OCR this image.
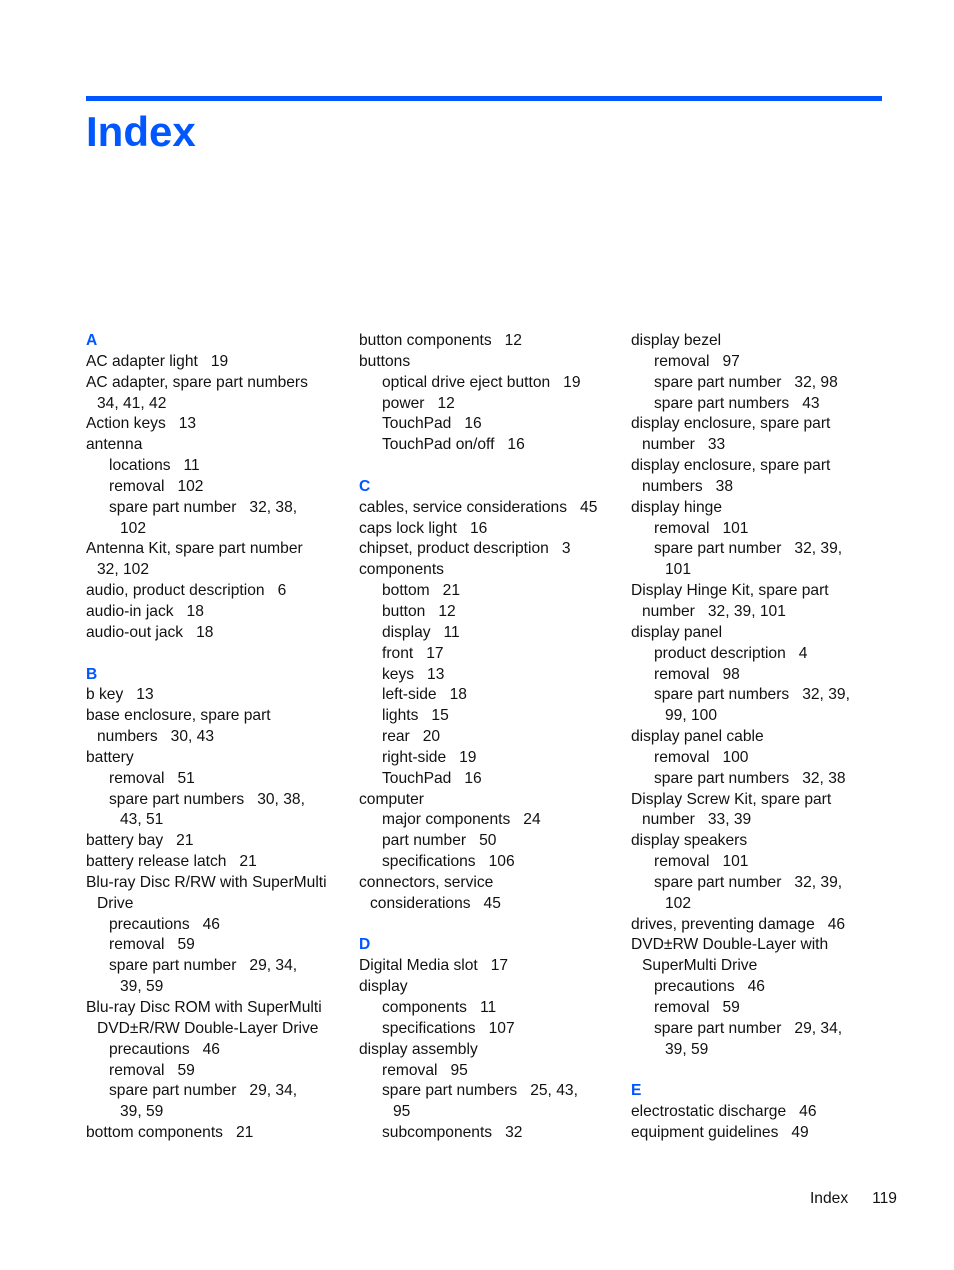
Index
A
AC adapter light   19
AC adapter, spare part numbers
34, 41, 42
Action keys   13
antenna
locations   11
removal   102
spare part number   32, 38,
102
Antenna Kit, spare part number
32, 102
audio, product description   6
audio-in jack   18
audio-out jack   18
B
b key   13
base enclosure, spare part
numbers   30, 43
battery
removal   51
spare part numbers   30, 38,
43, 51
battery bay   21
battery release latch   21
Blu-ray Disc R/RW with SuperMulti
Drive
precautions   46
removal   59
spare part number   29, 34,
39, 59
Blu-ray Disc ROM with SuperMulti
DVD±R/RW Double-Layer Drive
precautions   46
removal   59
spare part number   29, 34,
39, 59
bottom components   21
button components   12
buttons
optical drive eject button   19
power   12
TouchPad   16
TouchPad on/off   16
C
cables, service considerations   45
caps lock light   16
chipset, product description   3
components
bottom   21
button   12
display   11
front   17
keys   13
left-side   18
lights   15
rear   20
right-side   19
TouchPad   16
computer
major components   24
part number   50
specifications   106
connectors, service
considerations   45
D
Digital Media slot   17
display
components   11
specifications   107
display assembly
removal   95
spare part numbers   25, 43,
95
subcomponents   32
display bezel
removal   97
spare part number   32, 98
spare part numbers   43
display enclosure, spare part
number   33
display enclosure, spare part
numbers   38
display hinge
removal   101
spare part number   32, 39,
101
Display Hinge Kit, spare part
number   32, 39, 101
display panel
product description   4
removal   98
spare part numbers   32, 39,
99, 100
display panel cable
removal   100
spare part numbers   32, 38
Display Screw Kit, spare part
number   33, 39
display speakers
removal   101
spare part number   32, 39,
102
drives, preventing damage   46
DVD±RW Double-Layer with
SuperMulti Drive
precautions   46
removal   59
spare part number   29, 34,
39, 59
E
electrostatic discharge   46
equipment guidelines   49
Index 119
